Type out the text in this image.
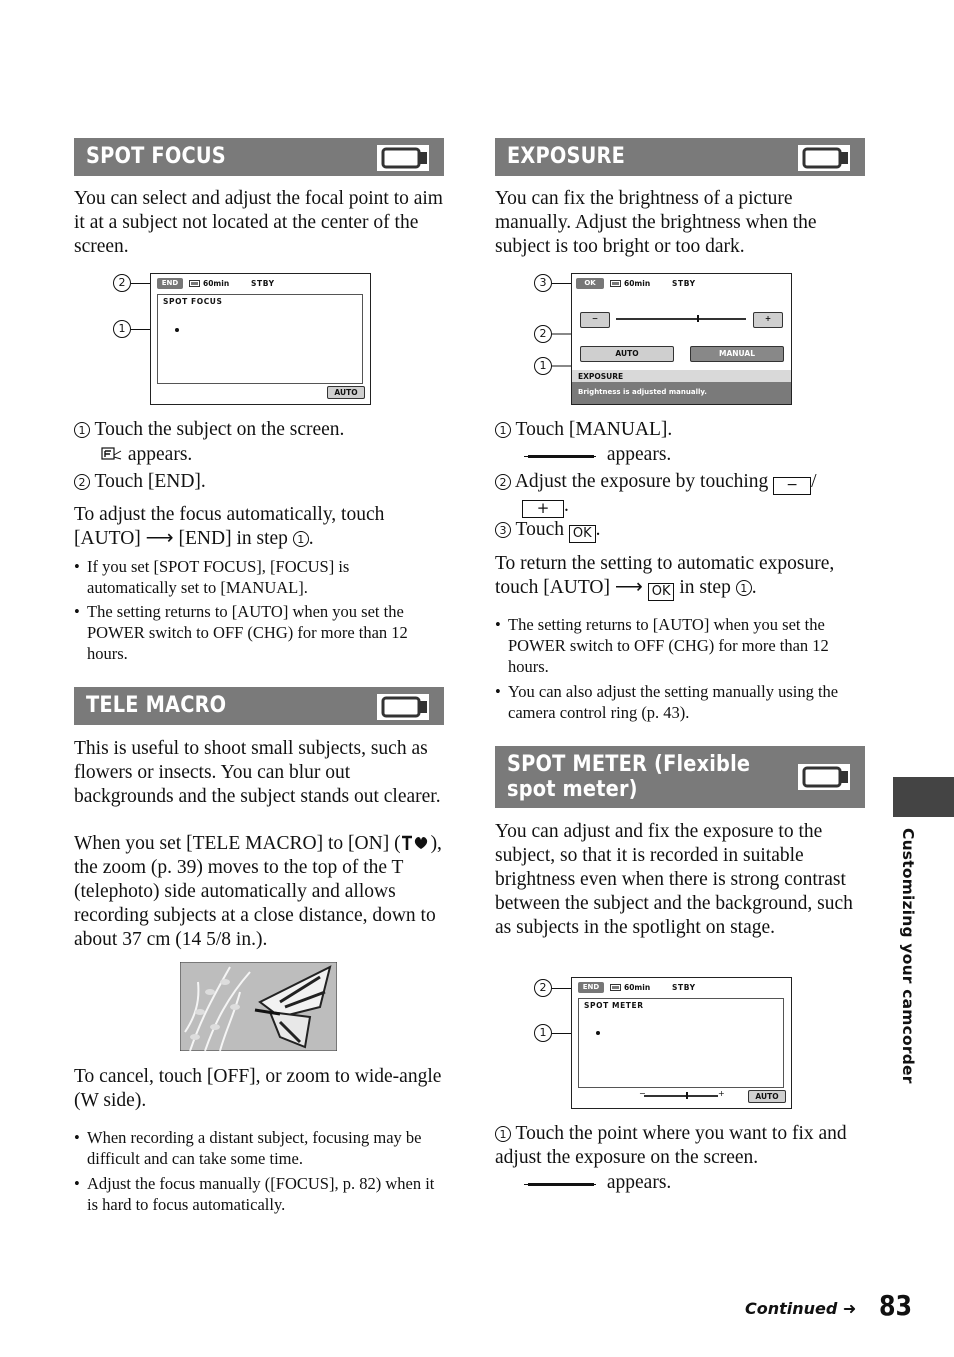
SPOT FOCUS
You can select and adjust the focal point to aim it at a subject not located at the center of the screen.
2
1
END	60min	STBY
SPOT FOCUS
AUTO
1 Touch the subject on the screen.
appears.
2 Touch [END].
To adjust the focus automatically, touch [AUTO] ⟶ [END] in step 1 .
• If you set [SPOT FOCUS], [FOCUS] is automatically set to [MANUAL].
• The setting returns to [AUTO] when you set the POWER switch to OFF (CHG) for more than 12 hours.
TELE MACRO
This is useful to shoot small subjects, such as flowers or insects. You can blur out backgrounds and the subject stands out clearer.
When you set [TELE MACRO] to [ON] ( ), the zoom (p. 39) moves to the top of the T (telephoto) side automatically and allows recording subjects at a close distance, down to about 37 cm (14 5/8 in.).
To cancel, touch [OFF], or zoom to wide-angle (W side).
• When recording a distant subject, focusing may be difficult and can take some time.
• Adjust the focus manually ([FOCUS], p. 82) when it is hard to focus automatically.
EXPOSURE
You can fix the brightness of a picture manually. Adjust the brightness when the subject is too bright or too dark.
3
2
1
OK	60min	STBY
−	+
AUTO	MANUAL
EXPOSURE
Brightness is adjusted manually.
1 Touch [MANUAL].
appears.
2 Adjust the exposure by touching − /
+ .
3 Touch OK .
To return the setting to automatic exposure, touch [AUTO] ⟶ OK in step 1 .
• The setting returns to [AUTO] when you set the POWER switch to OFF (CHG) for more than 12 hours.
• You can also adjust the setting manually using the camera control ring (p. 43).
SPOT METER (Flexible
spot meter)
You can adjust and fix the exposure to the subject, so that it is recorded in suitable brightness even when there is strong contrast between the subject and the background, such as subjects in the spotlight on stage.
2
1
END	60min	STBY
SPOT METER
−	+	AUTO
1 Touch the point where you want to fix and adjust the exposure on the screen.
appears.
Customizing your camcorder
Continued ➜ 83
